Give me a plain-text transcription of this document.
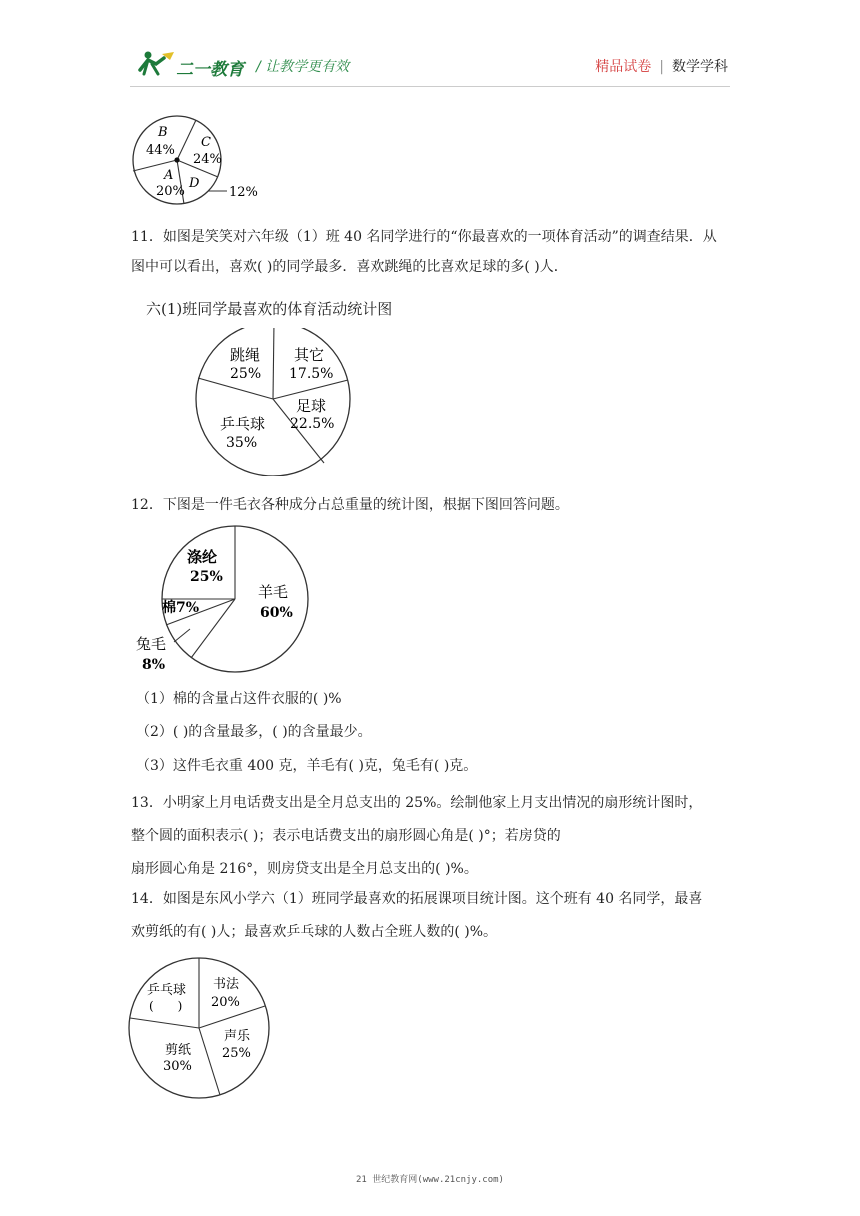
二一教育 / 让教学更有效	精品试卷 | 数学学科
B
44%
C
24%
A
20%
D
12%
11．如图是笑笑对六年级（1）班 40 名同学进行的“你最喜欢的一项体育活动”的调查结果．从
图中可以看出，喜欢( )的同学最多．喜欢跳绳的比喜欢足球的多( )人．
六(1)班同学最喜欢的体育活动统计图
跳绳
25%
其它
17.5%
足球
22.5%
乒乓球
35%
12．下图是一件毛衣各种成分占总重量的统计图，根据下图回答问题。
涤纶
25%
羊毛
60%
棉7%
兔毛
8%
（1）棉的含量占这件衣服的( )%
（2）( )的含量最多，( )的含量最少。
（3）这件毛衣重 400 克，羊毛有( )克，兔毛有( )克。
13．小明家上月电话费支出是全月总支出的 25%。绘制他家上月支出情况的扇形统计图时，
整个圆的面积表示( )；表示电话费支出的扇形圆心角是( )°；若房贷的
扇形圆心角是 216°，则房贷支出是全月总支出的( )%。
14．如图是东风小学六（1）班同学最喜欢的拓展课项目统计图。这个班有 40 名同学，最喜
欢剪纸的有( )人；最喜欢乒乓球的人数占全班人数的( )%。
乒乓球
(　　)
书法
20%
声乐
25%
剪纸
30%
21 世纪教育网(www.21cnjy.com)
